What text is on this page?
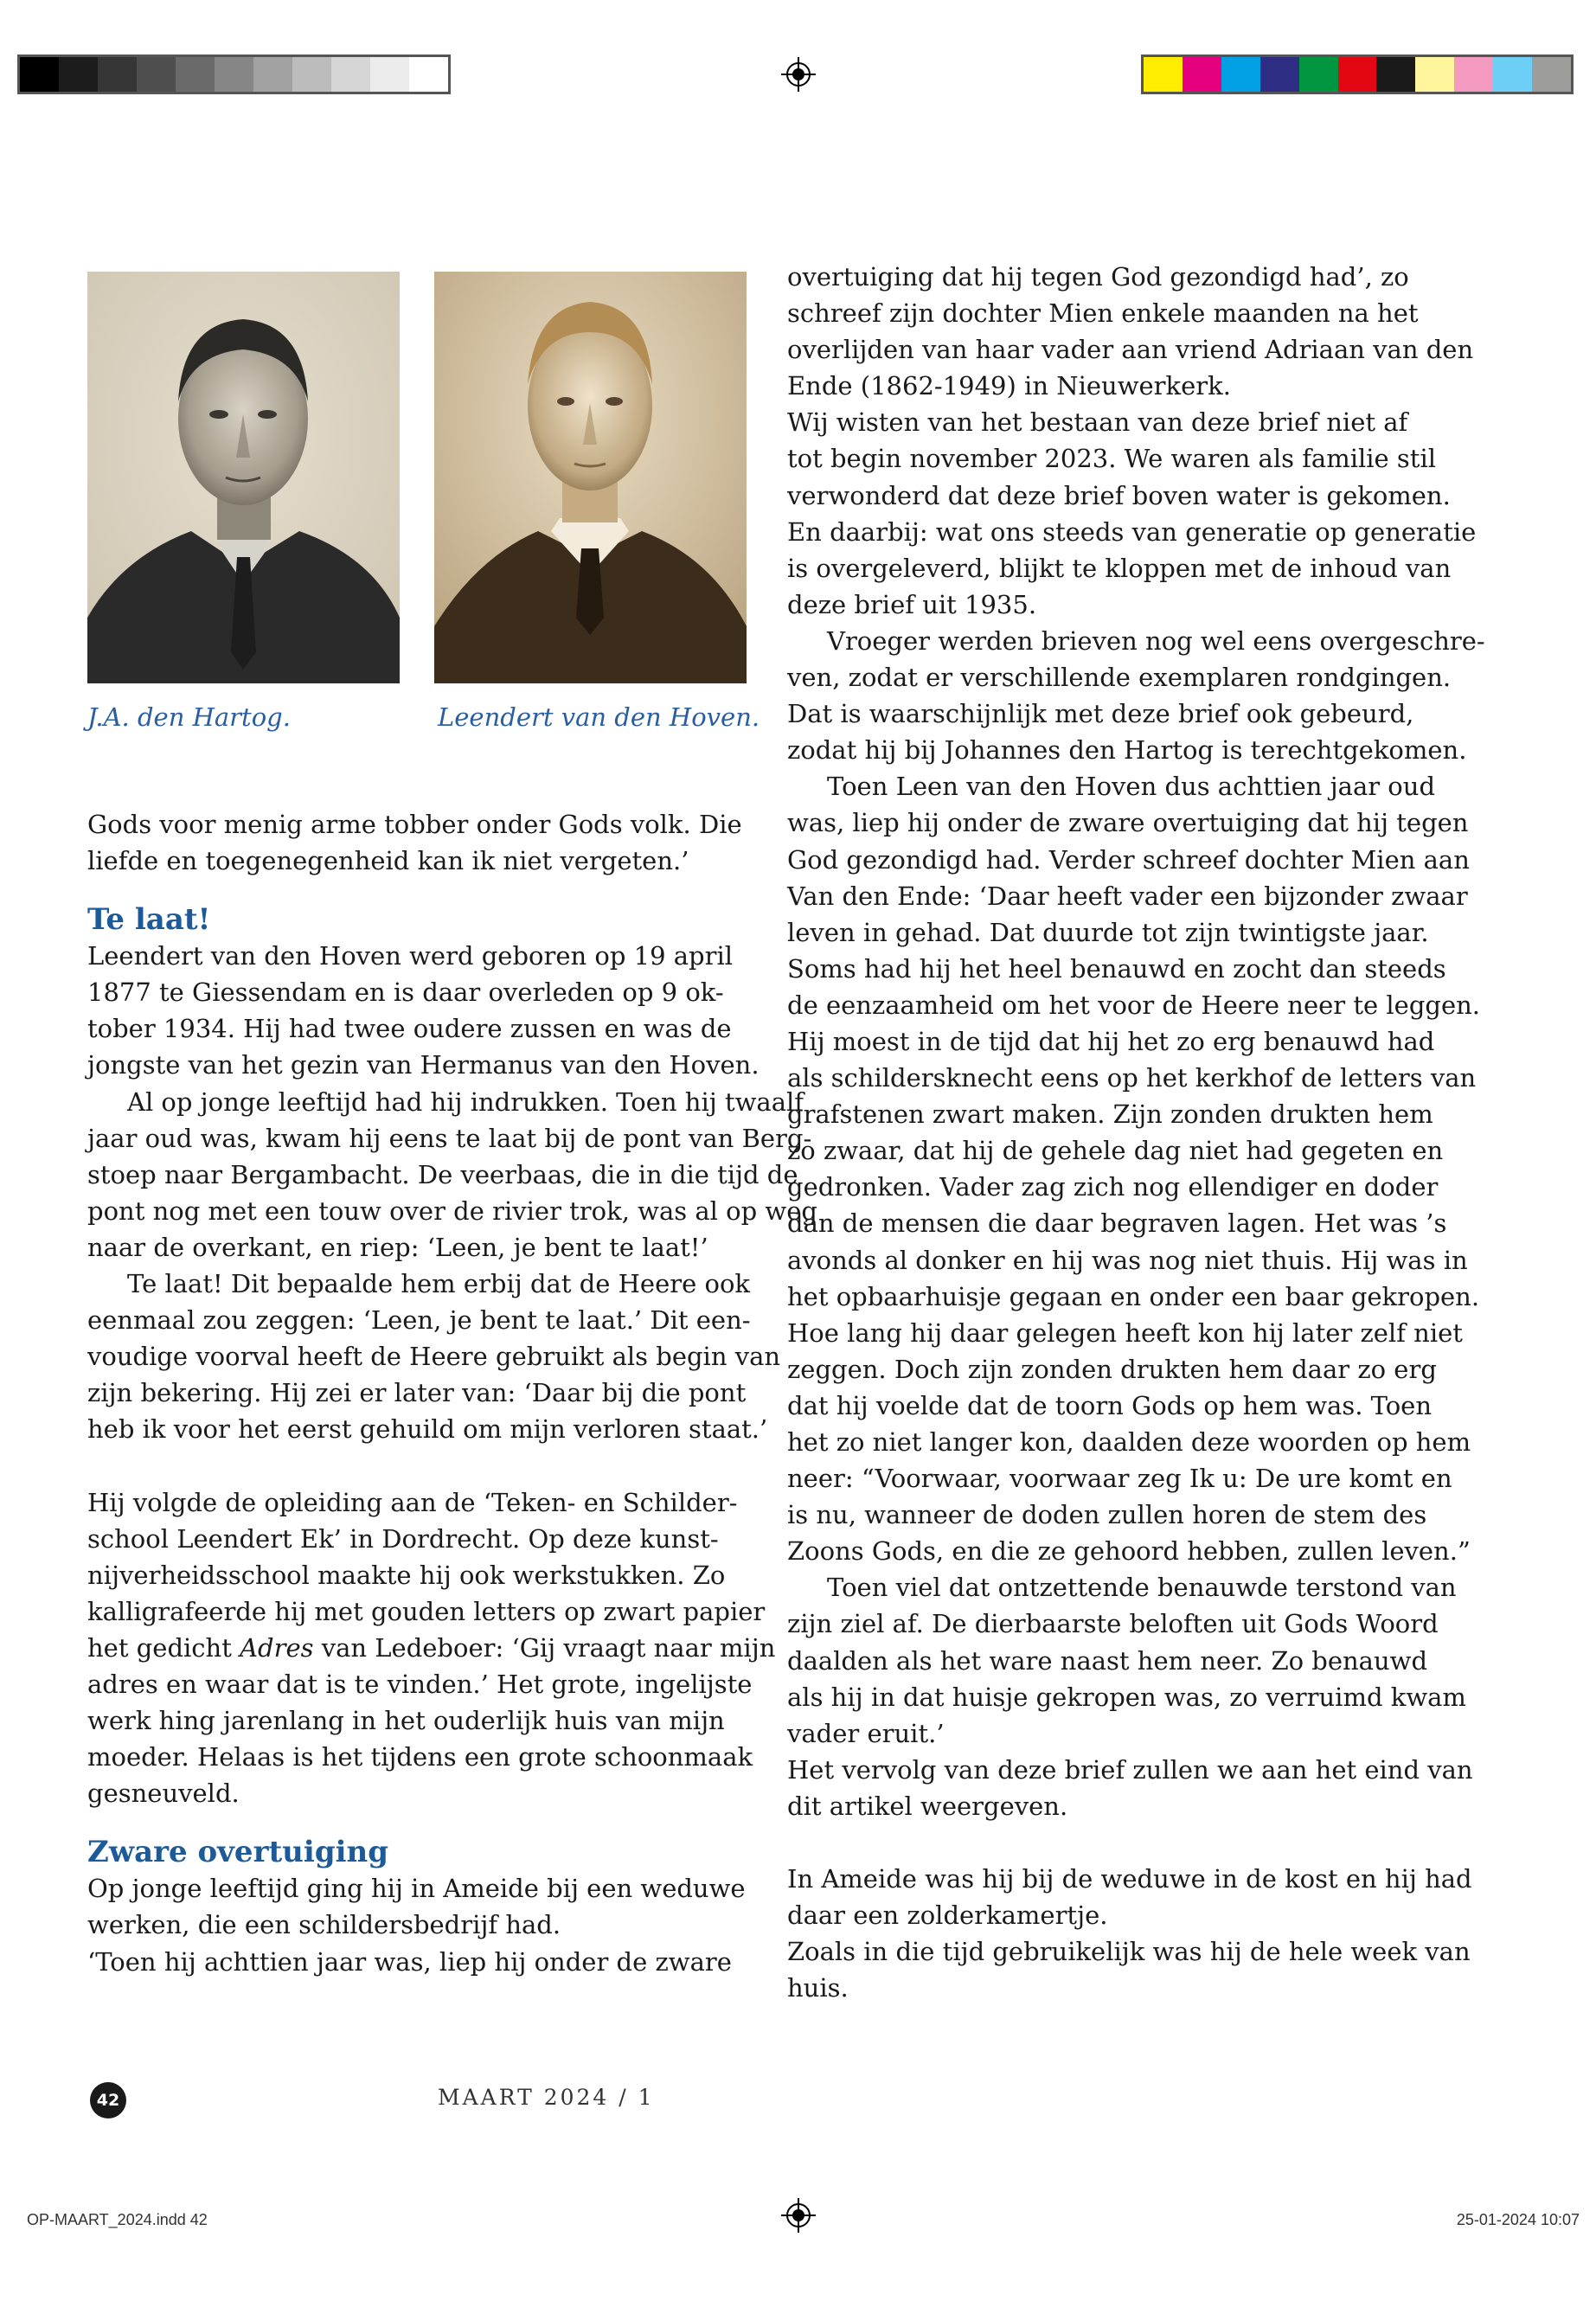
J.A. den Hartog.	Leendert van den Hoven.

Gods voor menig arme tobber onder Gods volk. Die

liefde en toegenegenheid kan ik niet vergeten.’

Te laat!

Leendert van den Hoven werd geboren op 19 april

1877 te Giessendam en is daar overleden op 9 ok-

tober 1934. Hij had twee oudere zussen en was de

jongste van het gezin van Hermanus van den Hoven.

Al op jonge leeftijd had hij indrukken. Toen hij twaalf

jaar oud was, kwam hij eens te laat bij de pont van Berg-

stoep naar Bergambacht. De veerbaas, die in die tijd de

pont nog met een touw over de rivier trok, was al op weg

naar de overkant, en riep: ‘Leen, je bent te laat!’

Te laat! Dit bepaalde hem erbij dat de Heere ook

eenmaal zou zeggen: ‘Leen, je bent te laat.’ Dit een-

voudige voorval heeft de Heere gebruikt als begin van

zijn bekering. Hij zei er later van: ‘Daar bij die pont

heb ik voor het eerst gehuild om mijn verloren staat.’

Hij volgde de opleiding aan de ‘Teken- en Schilder-

school Leendert Ek’ in Dordrecht. Op deze kunst-

nijverheidsschool maakte hij ook werkstukken. Zo

kalligrafeerde hij met gouden letters op zwart papier

het gedicht Adres van Ledeboer: ‘Gij vraagt naar mijn

adres en waar dat is te vinden.’ Het grote, ingelijste

werk hing jarenlang in het ouderlijk huis van mijn

moeder. Helaas is het tijdens een grote schoonmaak

gesneuveld.

Zware overtuiging

Op jonge leeftijd ging hij in Ameide bij een weduwe

werken, die een schildersbedrijf had.

‘Toen hij achttien jaar was, liep hij onder de zware

overtuiging dat hij tegen God gezondigd had’, zo

schreef zijn dochter Mien enkele maanden na het

overlijden van haar vader aan vriend Adriaan van den

Ende (1862-1949) in Nieuwerkerk.

Wij wisten van het bestaan van deze brief niet af

tot begin november 2023. We waren als familie stil

verwonderd dat deze brief boven water is gekomen.

En daarbij: wat ons steeds van generatie op generatie

is overgeleverd, blijkt te kloppen met de inhoud van

deze brief uit 1935.

Vroeger werden brieven nog wel eens overgeschre-

ven, zodat er verschillende exemplaren rondgingen.

Dat is waarschijnlijk met deze brief ook gebeurd,

zodat hij bij Johannes den Hartog is terechtgekomen.

Toen Leen van den Hoven dus achttien jaar oud

was, liep hij onder de zware overtuiging dat hij tegen

God gezondigd had. Verder schreef dochter Mien aan

Van den Ende: ‘Daar heeft vader een bijzonder zwaar

leven in gehad. Dat duurde tot zijn twintigste jaar.

Soms had hij het heel benauwd en zocht dan steeds

de eenzaamheid om het voor de Heere neer te leggen.

Hij moest in de tijd dat hij het zo erg benauwd had

als schildersknecht eens op het kerkhof de letters van

grafstenen zwart maken. Zijn zonden drukten hem

zo zwaar, dat hij de gehele dag niet had gegeten en

gedronken. Vader zag zich nog ellendiger en doder

dan de mensen die daar begraven lagen. Het was ’s

avonds al donker en hij was nog niet thuis. Hij was in

het opbaarhuisje gegaan en onder een baar gekropen.

Hoe lang hij daar gelegen heeft kon hij later zelf niet

zeggen. Doch zijn zonden drukten hem daar zo erg

dat hij voelde dat de toorn Gods op hem was. Toen

het zo niet langer kon, daalden deze woorden op hem

neer: “Voorwaar, voorwaar zeg Ik u: De ure komt en

is nu, wanneer de doden zullen horen de stem des

Zoons Gods, en die ze gehoord hebben, zullen leven.”

Toen viel dat ontzettende benauwde terstond van

zijn ziel af. De dierbaarste beloften uit Gods Woord

daalden als het ware naast hem neer. Zo benauwd

als hij in dat huisje gekropen was, zo verruimd kwam

vader eruit.’

Het vervolg van deze brief zullen we aan het eind van

dit artikel weergeven.

In Ameide was hij bij de weduwe in de kost en hij had

daar een zolderkamertje.

Zoals in die tijd gebruikelijk was hij de hele week van

huis.

42	MAART 2024 / 1
OP-MAART_2024.indd 42	25-01-2024 10:07
